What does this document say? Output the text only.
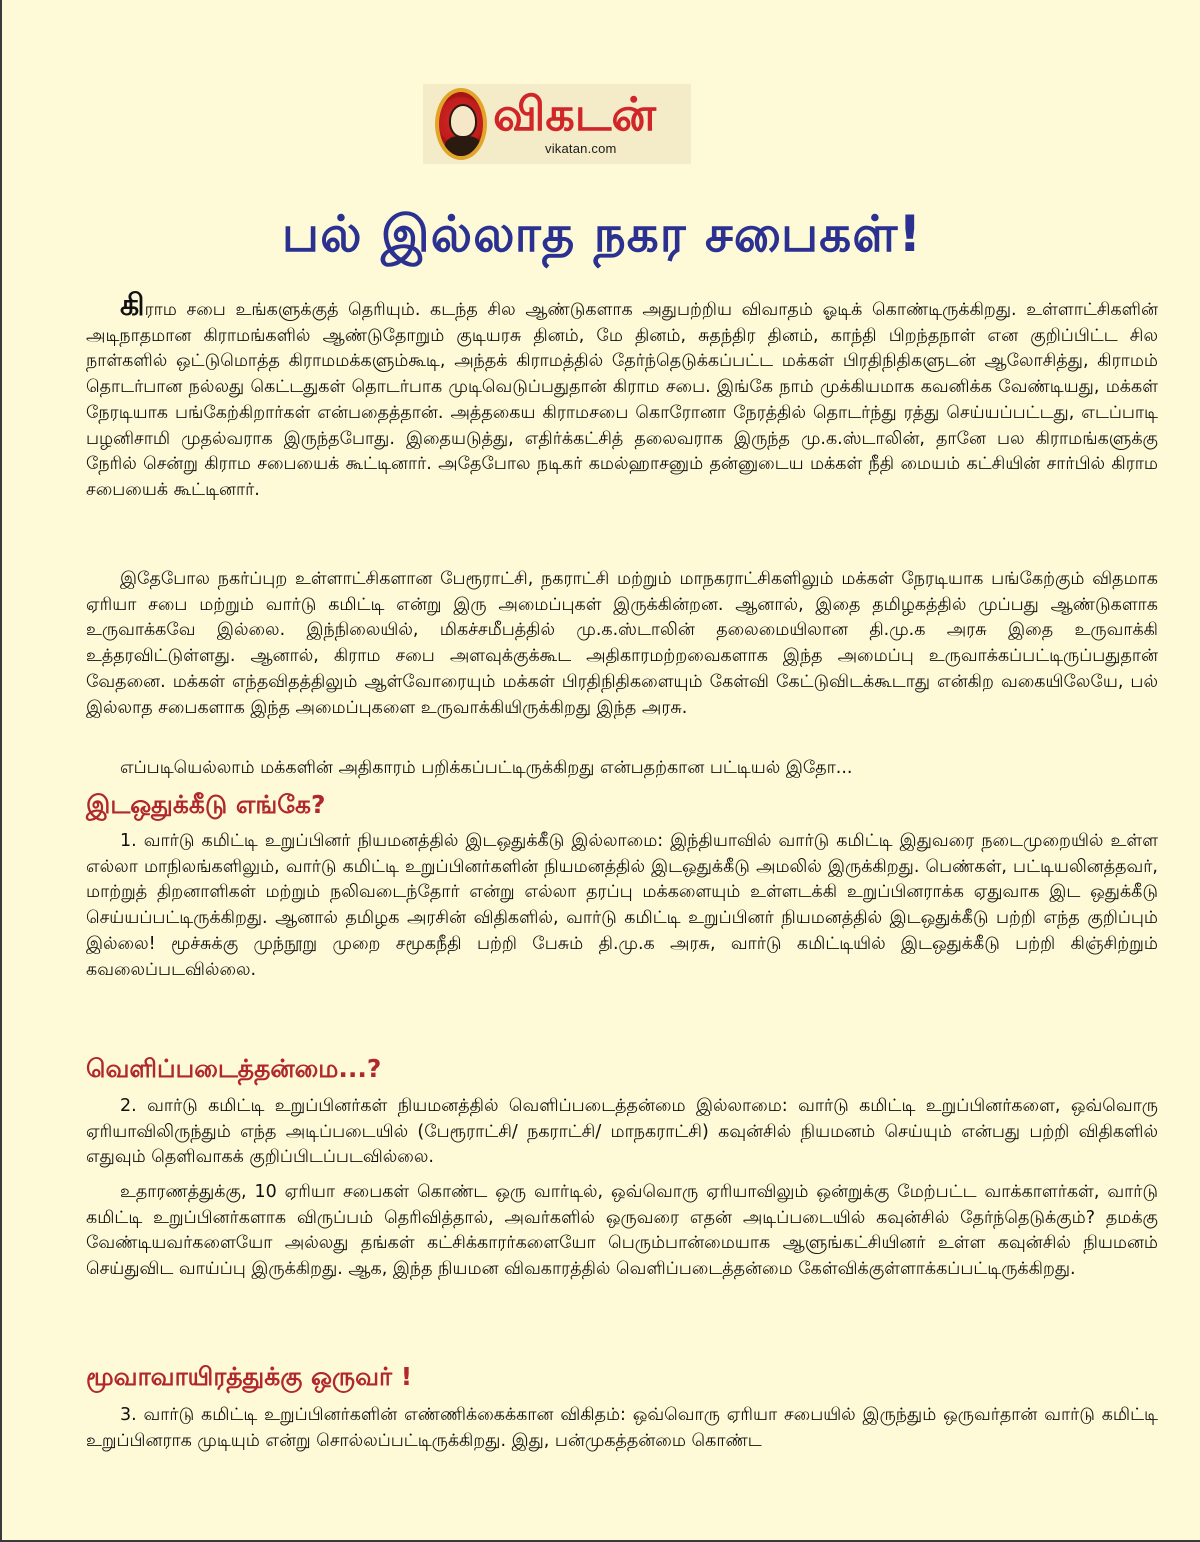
விகடன்
vikatan.com
பல் இல்லாத நகர சபைகள்!

கிராம சபை உங்களுக்குத் தெரியும். கடந்த சில ஆண்டுகளாக அதுபற்றிய விவாதம் ஓடிக் கொண்டிருக்கிறது. உள்ளாட்சிகளின் அடிநாதமான கிராமங்களில் ஆண்டுதோறும் குடியரசு தினம், மே தினம், சுதந்திர தினம், காந்தி பிறந்தநாள் என குறிப்பிட்ட சில நாள்களில் ஒட்டுமொத்த கிராமமக்களும்கூடி, அந்தக் கிராமத்தில் தேர்ந்தெடுக்கப்பட்ட மக்கள் பிரதிநிதிகளுடன் ஆலோசித்து, கிராமம் தொடர்பான நல்லது கெட்டதுகள் தொடர்பாக முடிவெடுப்பதுதான் கிராம சபை. இங்கே நாம் முக்கியமாக கவனிக்க வேண்டியது, மக்கள் நேரடியாக பங்கேற்கிறார்கள் என்பதைத்தான். அத்தகைய கிராமசபை கொரோனா நேரத்தில் தொடர்ந்து ரத்து செய்யப்பட்டது, எடப்பாடி பழனிசாமி முதல்வராக இருந்தபோது. இதையடுத்து, எதிர்க்கட்சித் தலைவராக இருந்த மு.க.ஸ்டாலின், தானே பல கிராமங்களுக்கு நேரில் சென்று கிராம சபையைக் கூட்டினார். அதேபோல நடிகர் கமல்ஹாசனும் தன்னுடைய மக்கள் நீதி மையம் கட்சியின் சார்பில் கிராம சபையைக் கூட்டினார்.

இதேபோல நகர்ப்புற உள்ளாட்சிகளான பேரூராட்சி, நகராட்சி மற்றும் மாநகராட்சிகளிலும் மக்கள் நேரடியாக பங்கேற்கும் விதமாக ஏரியா சபை மற்றும் வார்டு கமிட்டி என்று இரு அமைப்புகள் இருக்கின்றன. ஆனால், இதை தமிழகத்தில் முப்பது ஆண்டுகளாக உருவாக்கவே இல்லை. இந்நிலையில், மிகச்சமீபத்தில் மு.க.ஸ்டாலின் தலைமையிலான தி.மு.க அரசு இதை உருவாக்கி உத்தரவிட்டுள்ளது. ஆனால், கிராம சபை அளவுக்குக்கூட அதிகாரமற்றவைகளாக இந்த அமைப்பு உருவாக்கப்பட்டிருப்பதுதான் வேதனை. மக்கள் எந்தவிதத்திலும் ஆள்வோரையும் மக்கள் பிரதிநிதிகளையும் கேள்வி கேட்டுவிடக்கூடாது என்கிற வகையிலேயே, பல் இல்லாத சபைகளாக இந்த அமைப்புகளை உருவாக்கியிருக்கிறது இந்த அரசு.

எப்படியெல்லாம் மக்களின் அதிகாரம் பறிக்கப்பட்டிருக்கிறது என்பதற்கான பட்டியல் இதோ...

இடஒதுக்கீடு எங்கே?

1. வார்டு கமிட்டி உறுப்பினர் நியமனத்தில் இடஒதுக்கீடு இல்லாமை: இந்தியாவில் வார்டு கமிட்டி இதுவரை நடைமுறையில் உள்ள எல்லா மாநிலங்களிலும், வார்டு கமிட்டி உறுப்பினர்களின் நியமனத்தில் இடஒதுக்கீடு அமலில் இருக்கிறது. பெண்கள், பட்டியலினத்தவர், மாற்றுத் திறனாளிகள் மற்றும் நலிவடைந்தோர் என்று எல்லா தரப்பு மக்களையும் உள்ளடக்கி உறுப்பினராக்க ஏதுவாக இட ஒதுக்கீடு செய்யப்பட்டிருக்கிறது. ஆனால் தமிழக அரசின் விதிகளில், வார்டு கமிட்டி உறுப்பினர் நியமனத்தில் இடஒதுக்கீடு பற்றி எந்த குறிப்பும் இல்லை! மூச்சுக்கு முந்நூறு முறை சமூகநீதி பற்றி பேசும் தி.மு.க அரசு, வார்டு கமிட்டியில் இடஒதுக்கீடு பற்றி கிஞ்சிற்றும் கவலைப்படவில்லை.

வெளிப்படைத்தன்மை...?

2. வார்டு கமிட்டி உறுப்பினர்கள் நியமனத்தில் வெளிப்படைத்தன்மை இல்லாமை: வார்டு கமிட்டி உறுப்பினர்களை, ஒவ்வொரு ஏரியாவிலிருந்தும் எந்த அடிப்படையில் (பேரூராட்சி/ நகராட்சி/ மாநகராட்சி) கவுன்சில் நியமனம் செய்யும் என்பது பற்றி விதிகளில் எதுவும் தெளிவாகக் குறிப்பிடப்படவில்லை.

உதாரணத்துக்கு, 10 ஏரியா சபைகள் கொண்ட ஒரு வார்டில், ஒவ்வொரு ஏரியாவிலும் ஒன்றுக்கு மேற்பட்ட வாக்காளர்கள், வார்டு கமிட்டி உறுப்பினர்களாக விருப்பம் தெரிவித்தால், அவர்களில் ஒருவரை எதன் அடிப்படையில் கவுன்சில் தேர்ந்தெடுக்கும்? தமக்கு வேண்டியவர்களையோ அல்லது தங்கள் கட்சிக்காரர்களையோ பெரும்பான்மையாக ஆளுங்கட்சியினர் உள்ள கவுன்சில் நியமனம் செய்துவிட வாய்ப்பு இருக்கிறது. ஆக, இந்த நியமன விவகாரத்தில் வெளிப்படைத்தன்மை கேள்விக்குள்ளாக்கப்பட்டிருக்கிறது.

மூவாவாயிரத்துக்கு ஒருவர் !

3. வார்டு கமிட்டி உறுப்பினர்களின் எண்ணிக்கைக்கான விகிதம்: ஒவ்வொரு ஏரியா சபையில் இருந்தும் ஒருவர்தான் வார்டு கமிட்டி உறுப்பினராக முடியும் என்று சொல்லப்பட்டிருக்கிறது. இது, பன்முகத்தன்மை கொண்ட
